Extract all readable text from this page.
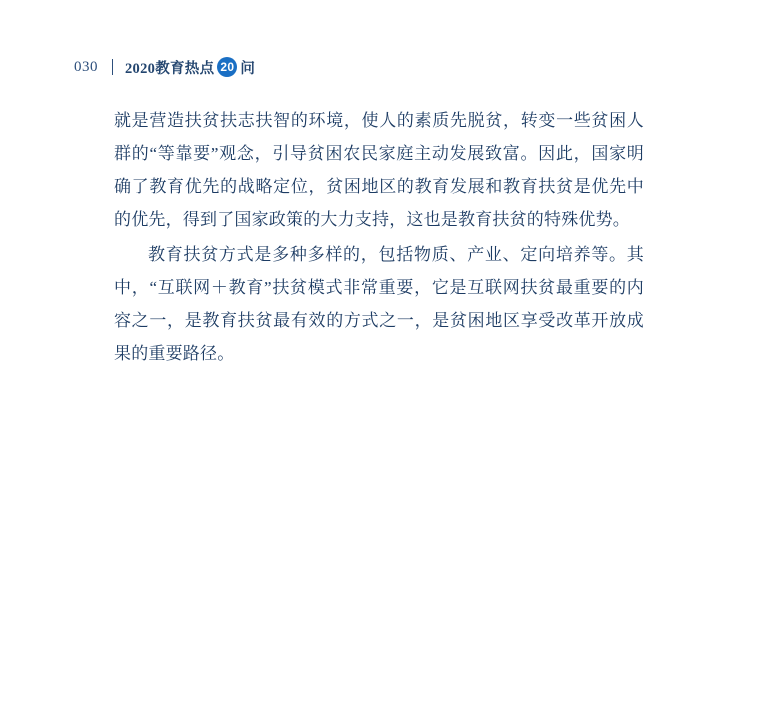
030 2020教育热点 20 问

就是营造扶贫扶志扶智的环境，使人的素质先脱贫，转变一些贫困人群的“等靠要”观念，引导贫困农民家庭主动发展致富。因此，国家明确了教育优先的战略定位，贫困地区的教育发展和教育扶贫是优先中的优先，得到了国家政策的大力支持，这也是教育扶贫的特殊优势。

教育扶贫方式是多种多样的，包括物质、产业、定向培养等。其中，“互联网＋教育”扶贫模式非常重要，它是互联网扶贫最重要的内容之一，是教育扶贫最有效的方式之一，是贫困地区享受改革开放成果的重要路径。
